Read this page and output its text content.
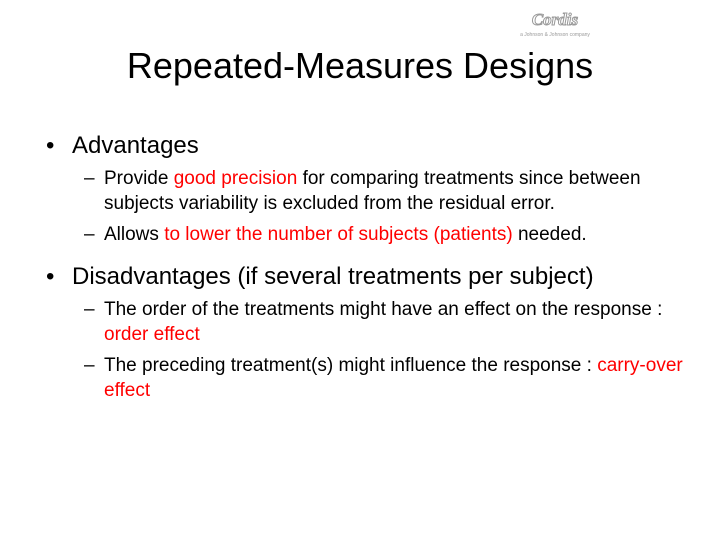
Cordis
a Johnson & Johnson company
Repeated-Measures Designs
• Advantages
– Provide good precision for comparing treatments since between subjects variability is excluded from the residual error.
– Allows to lower the number of subjects (patients) needed.
• Disadvantages (if several treatments per subject)
– The order of the treatments might have an effect on the response : order effect
– The preceding treatment(s) might influence the response : carry-over effect
